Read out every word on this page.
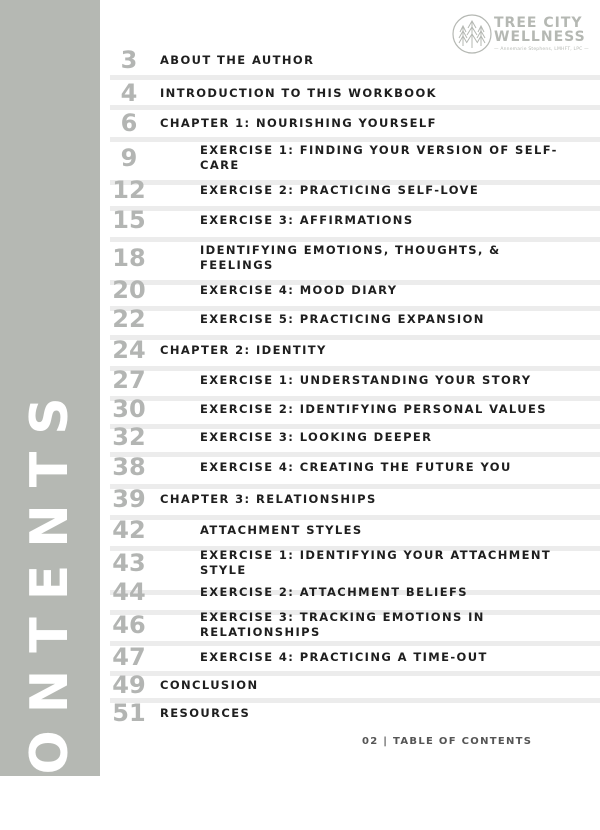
CONTENTS
TREE CITY
WELLNESS
— Annemarie Stephens, LMHFT, LPC —
3	ABOUT THE AUTHOR
4	INTRODUCTION TO THIS WORKBOOK
6	CHAPTER 1: NOURISHING YOURSELF
9	EXERCISE 1: FINDING YOUR VERSION OF SELF-CARE
12	EXERCISE 2: PRACTICING SELF-LOVE
15	EXERCISE 3: AFFIRMATIONS
18	IDENTIFYING EMOTIONS, THOUGHTS, & FEELINGS
20	EXERCISE 4: MOOD DIARY
22	EXERCISE 5: PRACTICING EXPANSION
24	CHAPTER 2: IDENTITY
27	EXERCISE 1: UNDERSTANDING YOUR STORY
30	EXERCISE 2: IDENTIFYING PERSONAL VALUES
32	EXERCISE 3: LOOKING DEEPER
38	EXERCISE 4: CREATING THE FUTURE YOU
39	CHAPTER 3: RELATIONSHIPS
42	ATTACHMENT STYLES
43	EXERCISE 1: IDENTIFYING YOUR ATTACHMENT STYLE
44	EXERCISE 2: ATTACHMENT BELIEFS
46	EXERCISE 3: TRACKING EMOTIONS IN RELATIONSHIPS
47	EXERCISE 4: PRACTICING A TIME-OUT
49	CONCLUSION
51	RESOURCES
02 | TABLE OF CONTENTS
